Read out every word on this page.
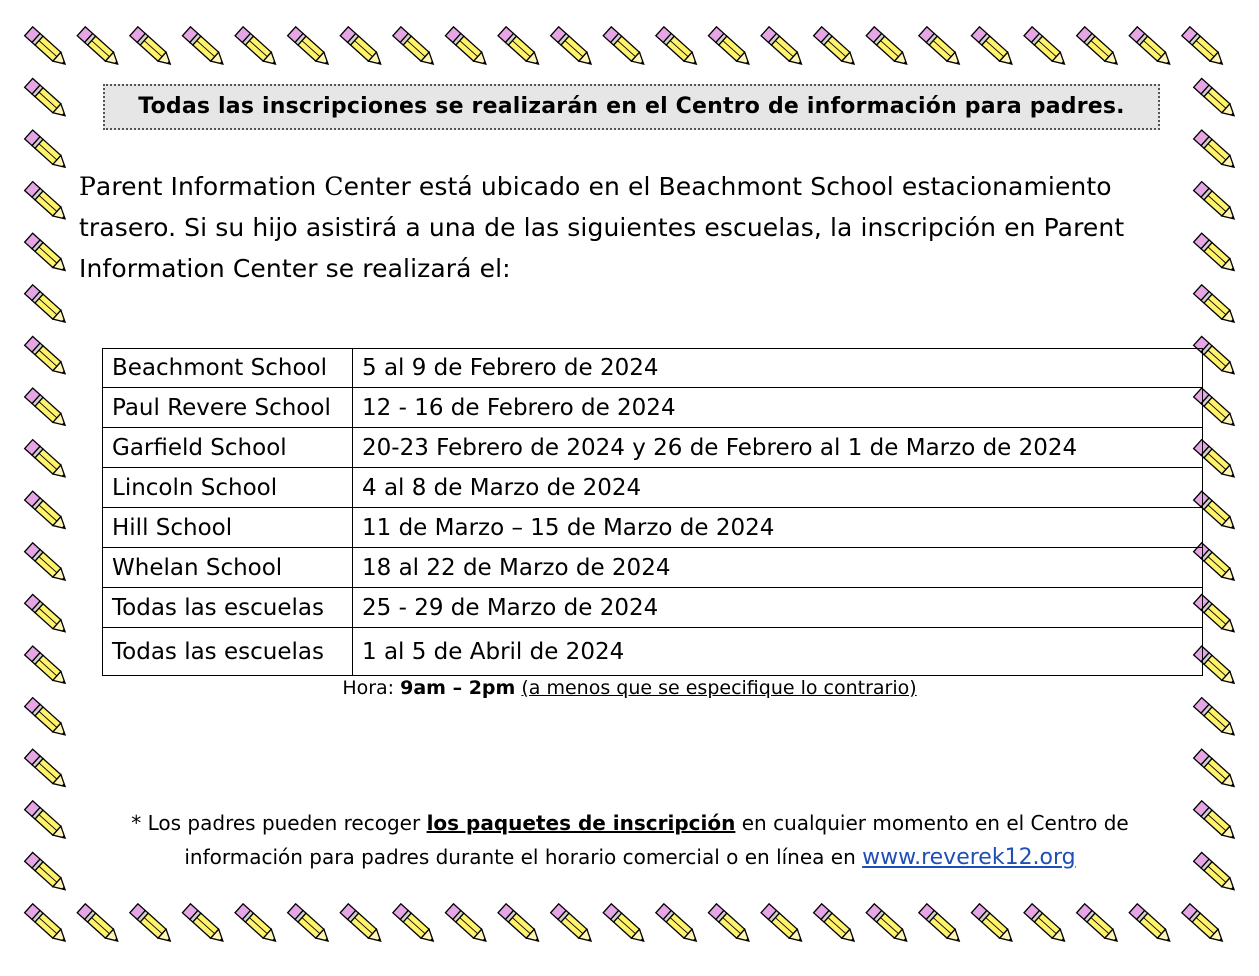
Todas las inscripciones se realizarán en el Centro de información para padres.
Parent Information Center está ubicado en el Beachmont School estacionamiento trasero. Si su hijo asistirá a una de las siguientes escuelas, la inscripción en Parent Information Center se realizará el:
Beachmont School	5 al 9 de Febrero de 2024
Paul Revere School	12 - 16 de Febrero de 2024
Garfield School	20-23 Febrero de 2024 y 26 de Febrero al 1 de Marzo de 2024
Lincoln School	4 al 8 de Marzo de 2024
Hill School	11 de Marzo – 15 de Marzo de 2024
Whelan School	18 al 22 de Marzo de 2024
Todas las escuelas	25 - 29 de Marzo de 2024
Todas las escuelas	1 al 5 de Abril de 2024
Hora: 9am – 2pm (a menos que se especifique lo contrario)
* Los padres pueden recoger los paquetes de inscripción en cualquier momento en el Centro de información para padres durante el horario comercial o en línea en www.reverek12.org
